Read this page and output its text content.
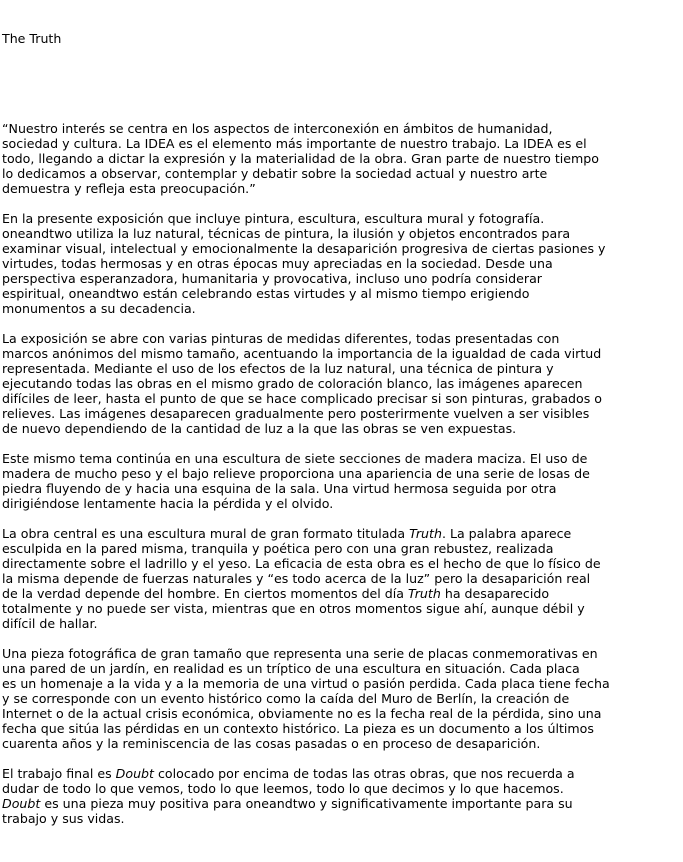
The Truth

“Nuestro interés se centra en los aspectos de interconexión en ámbitos de humanidad,
sociedad y cultura. La IDEA es el elemento más importante de nuestro trabajo. La IDEA es el
todo, llegando a dictar la expresión y la materialidad de la obra. Gran parte de nuestro tiempo
lo dedicamos a observar, contemplar y debatir sobre la sociedad actual y nuestro arte
demuestra y refleja esta preocupación.”
En la presente exposición que incluye pintura, escultura, escultura mural y fotografía.
oneandtwo utiliza la luz natural, técnicas de pintura, la ilusión y objetos encontrados para
examinar visual, intelectual y emocionalmente la desaparición progresiva de ciertas pasiones y
virtudes, todas hermosas y en otras épocas muy apreciadas en la sociedad. Desde una
perspectiva esperanzadora, humanitaria y provocativa, incluso uno podría considerar
espiritual, oneandtwo están celebrando estas virtudes y al mismo tiempo erigiendo
monumentos a su decadencia.
La exposición se abre con varias pinturas de medidas diferentes, todas presentadas con
marcos anónimos del mismo tamaño, acentuando la importancia de la igualdad de cada virtud
representada. Mediante el uso de los efectos de la luz natural, una técnica de pintura y
ejecutando todas las obras en el mismo grado de coloración blanco, las imágenes aparecen
difíciles de leer, hasta el punto de que se hace complicado precisar si son pinturas, grabados o
relieves. Las imágenes desaparecen gradualmente pero posterirmente vuelven a ser visibles
de nuevo dependiendo de la cantidad de luz a la que las obras se ven expuestas.
Este mismo tema continúa en una escultura de siete secciones de madera maciza. El uso de
madera de mucho peso y el bajo relieve proporciona una apariencia de una serie de losas de
piedra fluyendo de y hacia una esquina de la sala. Una virtud hermosa seguida por otra
dirigiéndose lentamente hacia la pérdida y el olvido.
La obra central es una escultura mural de gran formato titulada Truth. La palabra aparece
esculpida en la pared misma, tranquila y poética pero con una gran rebustez, realizada
directamente sobre el ladrillo y el yeso. La eficacia de esta obra es el hecho de que lo físico de
la misma depende de fuerzas naturales y “es todo acerca de la luz” pero la desaparición real
de la verdad depende del hombre. En ciertos momentos del día Truth ha desaparecido
totalmente y no puede ser vista, mientras que en otros momentos sigue ahí, aunque débil y
difícil de hallar.
Una pieza fotográfica de gran tamaño que representa una serie de placas conmemorativas en
una pared de un jardín, en realidad es un tríptico de una escultura en situación. Cada placa
es un homenaje a la vida y a la memoria de una virtud o pasión perdida. Cada placa tiene fecha
y se corresponde con un evento histórico como la caída del Muro de Berlín, la creación de
Internet o de la actual crisis económica, obviamente no es la fecha real de la pérdida, sino una
fecha que sitúa las pérdidas en un contexto histórico. La pieza es un documento a los últimos
cuarenta años y la reminiscencia de las cosas pasadas o en proceso de desaparición.
El trabajo final es Doubt colocado por encima de todas las otras obras, que nos recuerda a
dudar de todo lo que vemos, todo lo que leemos, todo lo que decimos y lo que hacemos.
Doubt es una pieza muy positiva para oneandtwo y significativamente importante para su
trabajo y sus vidas.
